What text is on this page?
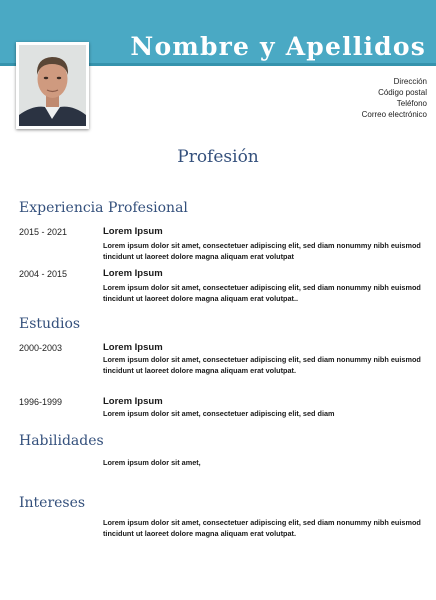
Nombre y Apellidos
Dirección
Código postal
Teléfono
Correo electrónico
Profesión
Experiencia Profesional
2015 - 2021	Lorem Ipsum
Lorem ipsum dolor sit amet, consectetuer adipiscing elit, sed diam nonummy nibh euismod
tincidunt ut laoreet dolore magna aliquam erat volutpat
2004 - 2015	Lorem Ipsum
Lorem ipsum dolor sit amet, consectetuer adipiscing elit, sed diam nonummy nibh euismod
tincidunt ut laoreet dolore magna aliquam erat volutpat..
Estudios
2000-2003	Lorem Ipsum
Lorem ipsum dolor sit amet, consectetuer adipiscing elit, sed diam nonummy nibh euismod
tincidunt ut laoreet dolore magna aliquam erat volutpat.
1996-1999	Lorem Ipsum
Lorem ipsum dolor sit amet, consectetuer adipiscing elit, sed diam
Habilidades
Lorem ipsum dolor sit amet,
Intereses
Lorem ipsum dolor sit amet, consectetuer adipiscing elit, sed diam nonummy nibh euismod
tincidunt ut laoreet dolore magna aliquam erat volutpat.
